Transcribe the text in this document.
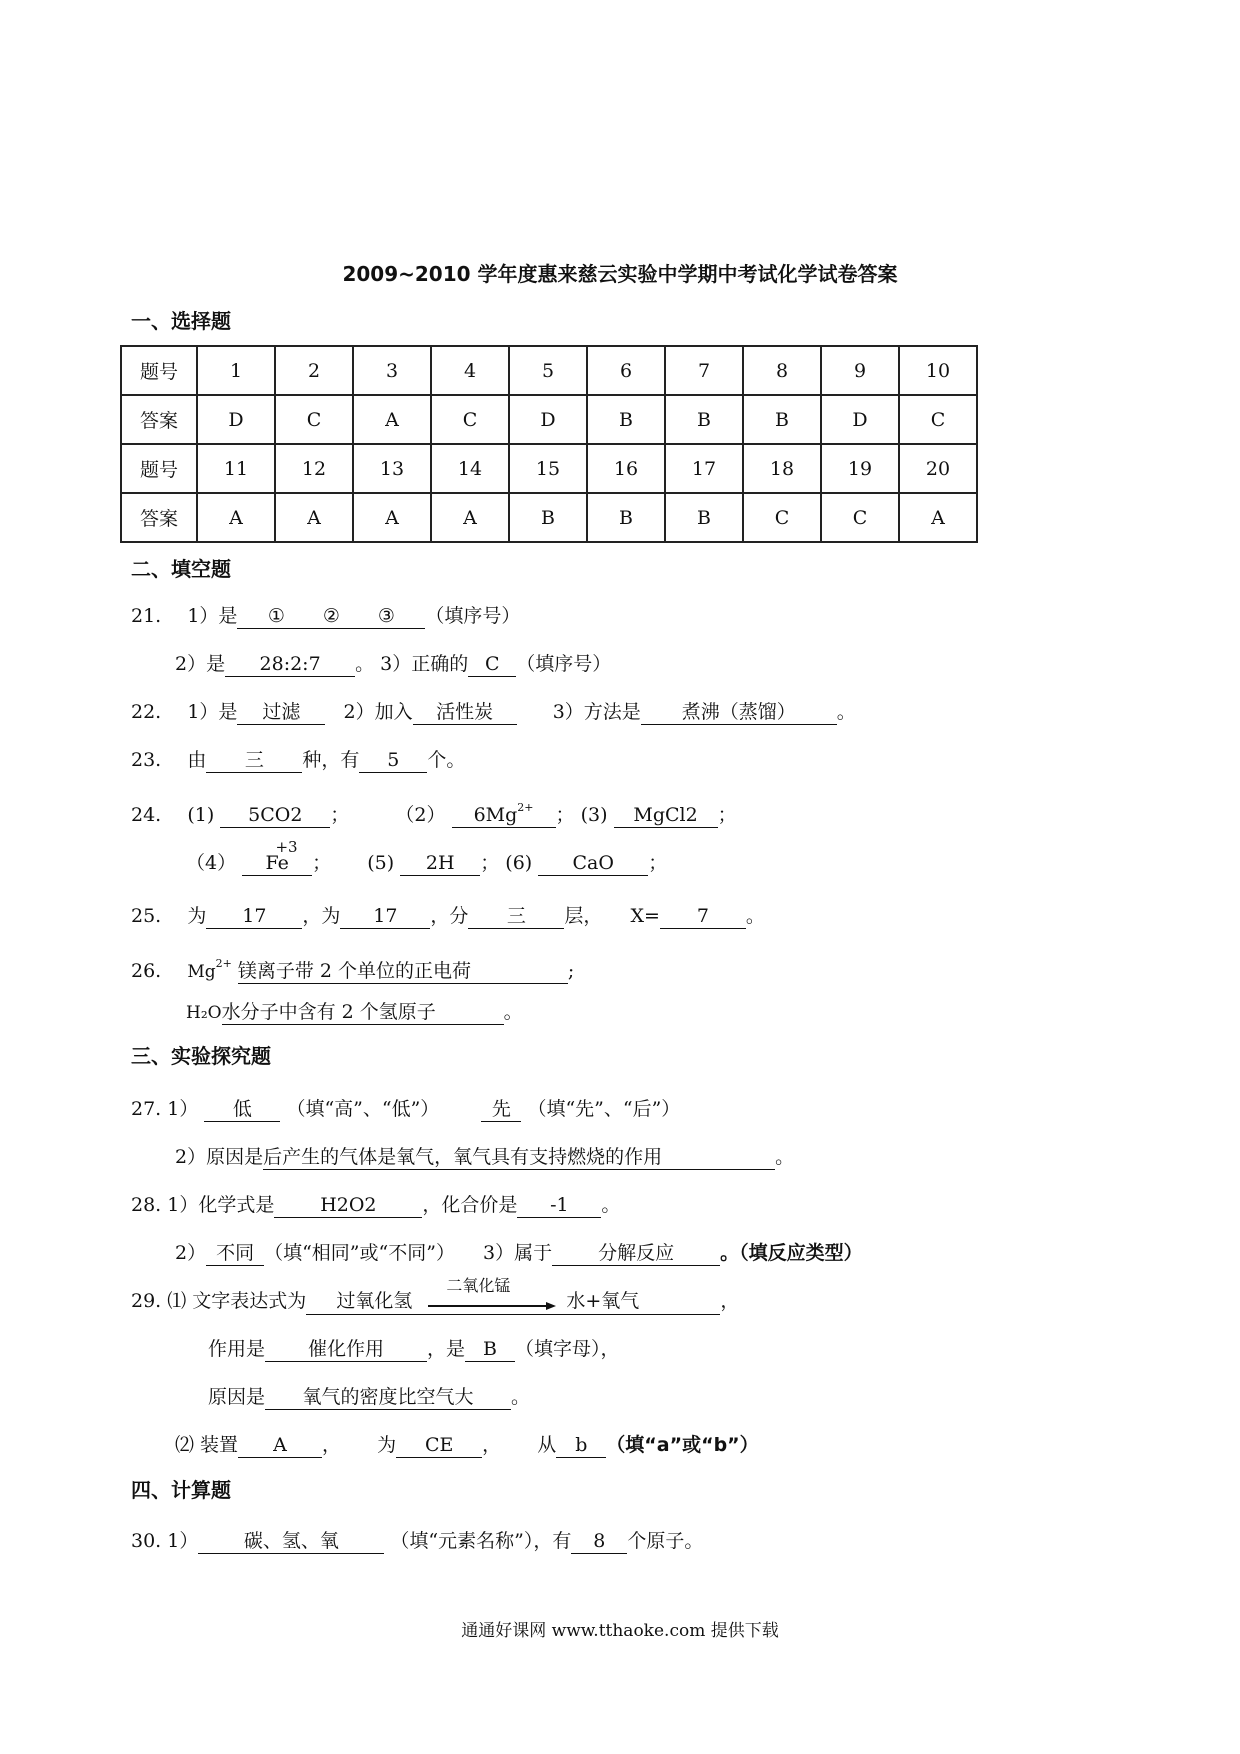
2009~2010 学年度惠来慈云实验中学期中考试化学试卷答案
一、选择题
题号	1	2	3	4	5	6	7	8	9	10
答案	D	C	A	C	D	B	B	B	D	C
题号	11	12	13	14	15	16	17	18	19	20
答案	A	A	A	A	B	B	B	C	C	A
二、填空题
21. 1）是 ① ② ③ （填序号）
2）是 28:2:7 。 3）正确的 C （填序号）
22. 1）是 过滤 2）加入 活性炭	3）方法是 煮沸（蒸馏） 。
23. 由 三 种，有 5 个。
24. (1) 5CO2 ； （2） $6Mg^{2+}$ ； (3) MgCl2 ；
（4）
+3
Fe ； (5) 2H ； (6) CaO ；
25. 为 17 ，为 17 ，分 三 层， X= 7 。
26. $Mg^{2+}$ 镁离子带 2 个单位的正电荷	;
H₂O水分子中含有 2 个氢原子	。
三、实验探究题
27. 1） 低 （填“高”、“低”）	先 （填“先”、“后”）
2）原因是后产生的气体是氧气，氧气具有支持燃烧的作用	。
28. 1）化学式是 H2O2 ，化合价是 -1 。
2） 不同 （填“相同”或“不同”） 3）属于 分解反应 。（填反应类型）
29. ⑴ 文字表达式为 过氧化氢
二氧化锰
水+氧气	，
作用是 催化作用 ，是 B （填字母），
原因是 氧气的密度比空气大 。
⑵ 装置 A ， 为 CE ， 从 b （填“a”或“b”）
四、计算题
30. 1） 碳、氢、氧	（填“元素名称”），有 8 个原子。
通通好课网 www.tthaoke.com 提供下载
